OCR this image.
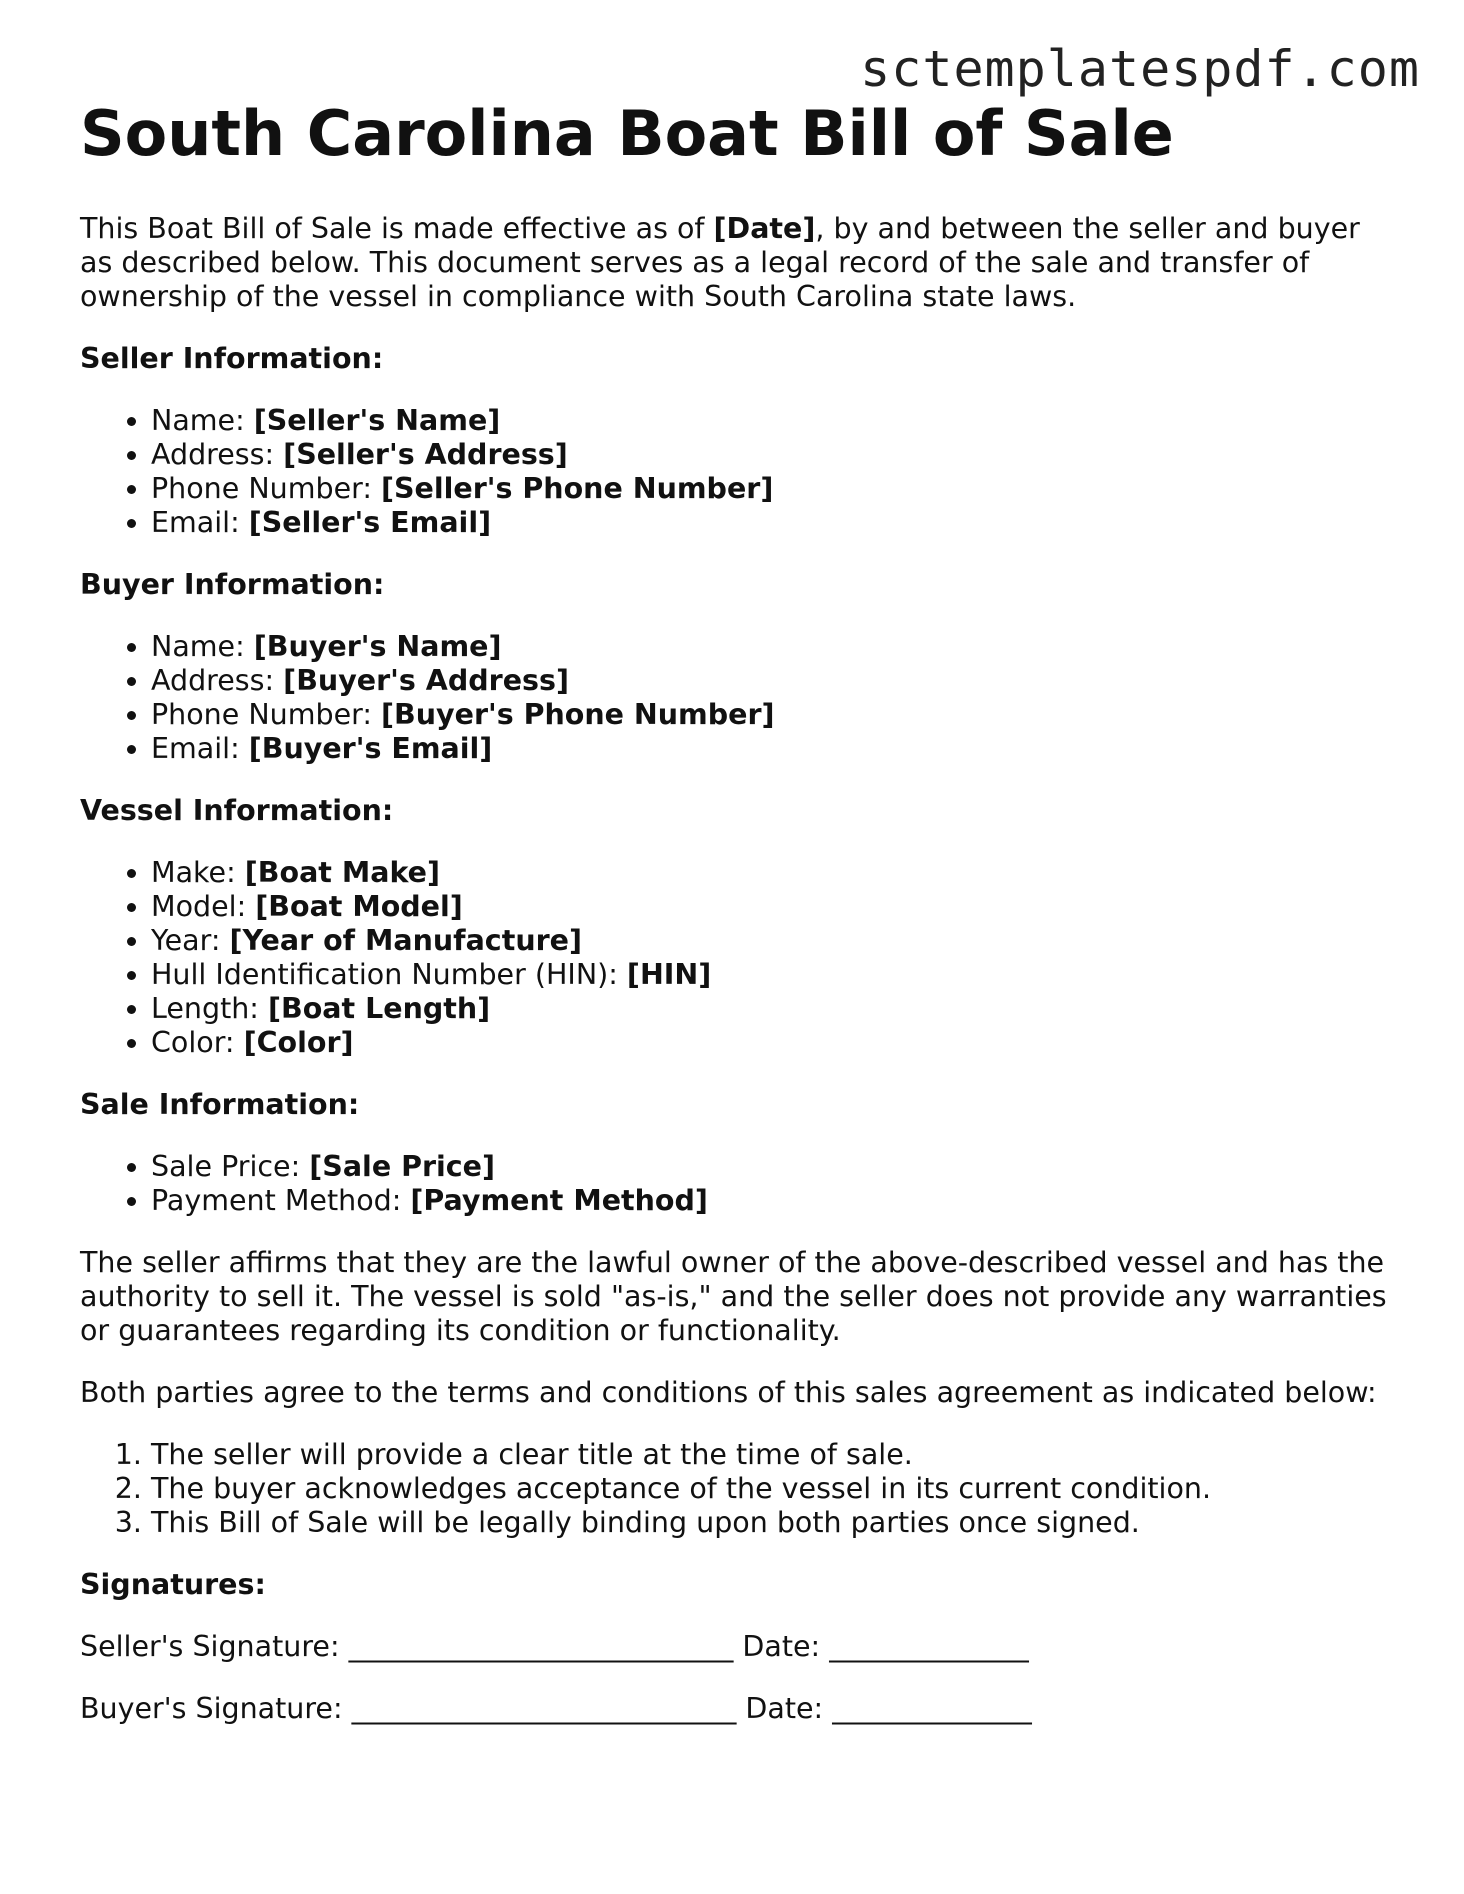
sctemplatespdf.com
South Carolina Boat Bill of Sale

This Boat Bill of Sale is made effective as of [Date], by and between the seller and buyer as described below. This document serves as a legal record of the sale and transfer of ownership of the vessel in compliance with South Carolina state laws.

Seller Information:
• Name: [Seller's Name]
• Address: [Seller's Address]
• Phone Number: [Seller's Phone Number]
• Email: [Seller's Email]
Buyer Information:
• Name: [Buyer's Name]
• Address: [Buyer's Address]
• Phone Number: [Buyer's Phone Number]
• Email: [Buyer's Email]
Vessel Information:
• Make: [Boat Make]
• Model: [Boat Model]
• Year: [Year of Manufacture]
• Hull Identification Number (HIN): [HIN]
• Length: [Boat Length]
• Color: [Color]
Sale Information:
• Sale Price: [Sale Price]
• Payment Method: [Payment Method]

The seller affirms that they are the lawful owner of the above-described vessel and has the authority to sell it. The vessel is sold "as-is," and the seller does not provide any warranties or guarantees regarding its condition or functionality.

Both parties agree to the terms and conditions of this sales agreement as indicated below:

1. The seller will provide a clear title at the time of sale.
2. The buyer acknowledges acceptance of the vessel in its current condition.
3. This Bill of Sale will be legally binding upon both parties once signed.
Signatures:
Seller's Signature: ___________________________ Date: ______________
Buyer's Signature: ___________________________ Date: ______________
